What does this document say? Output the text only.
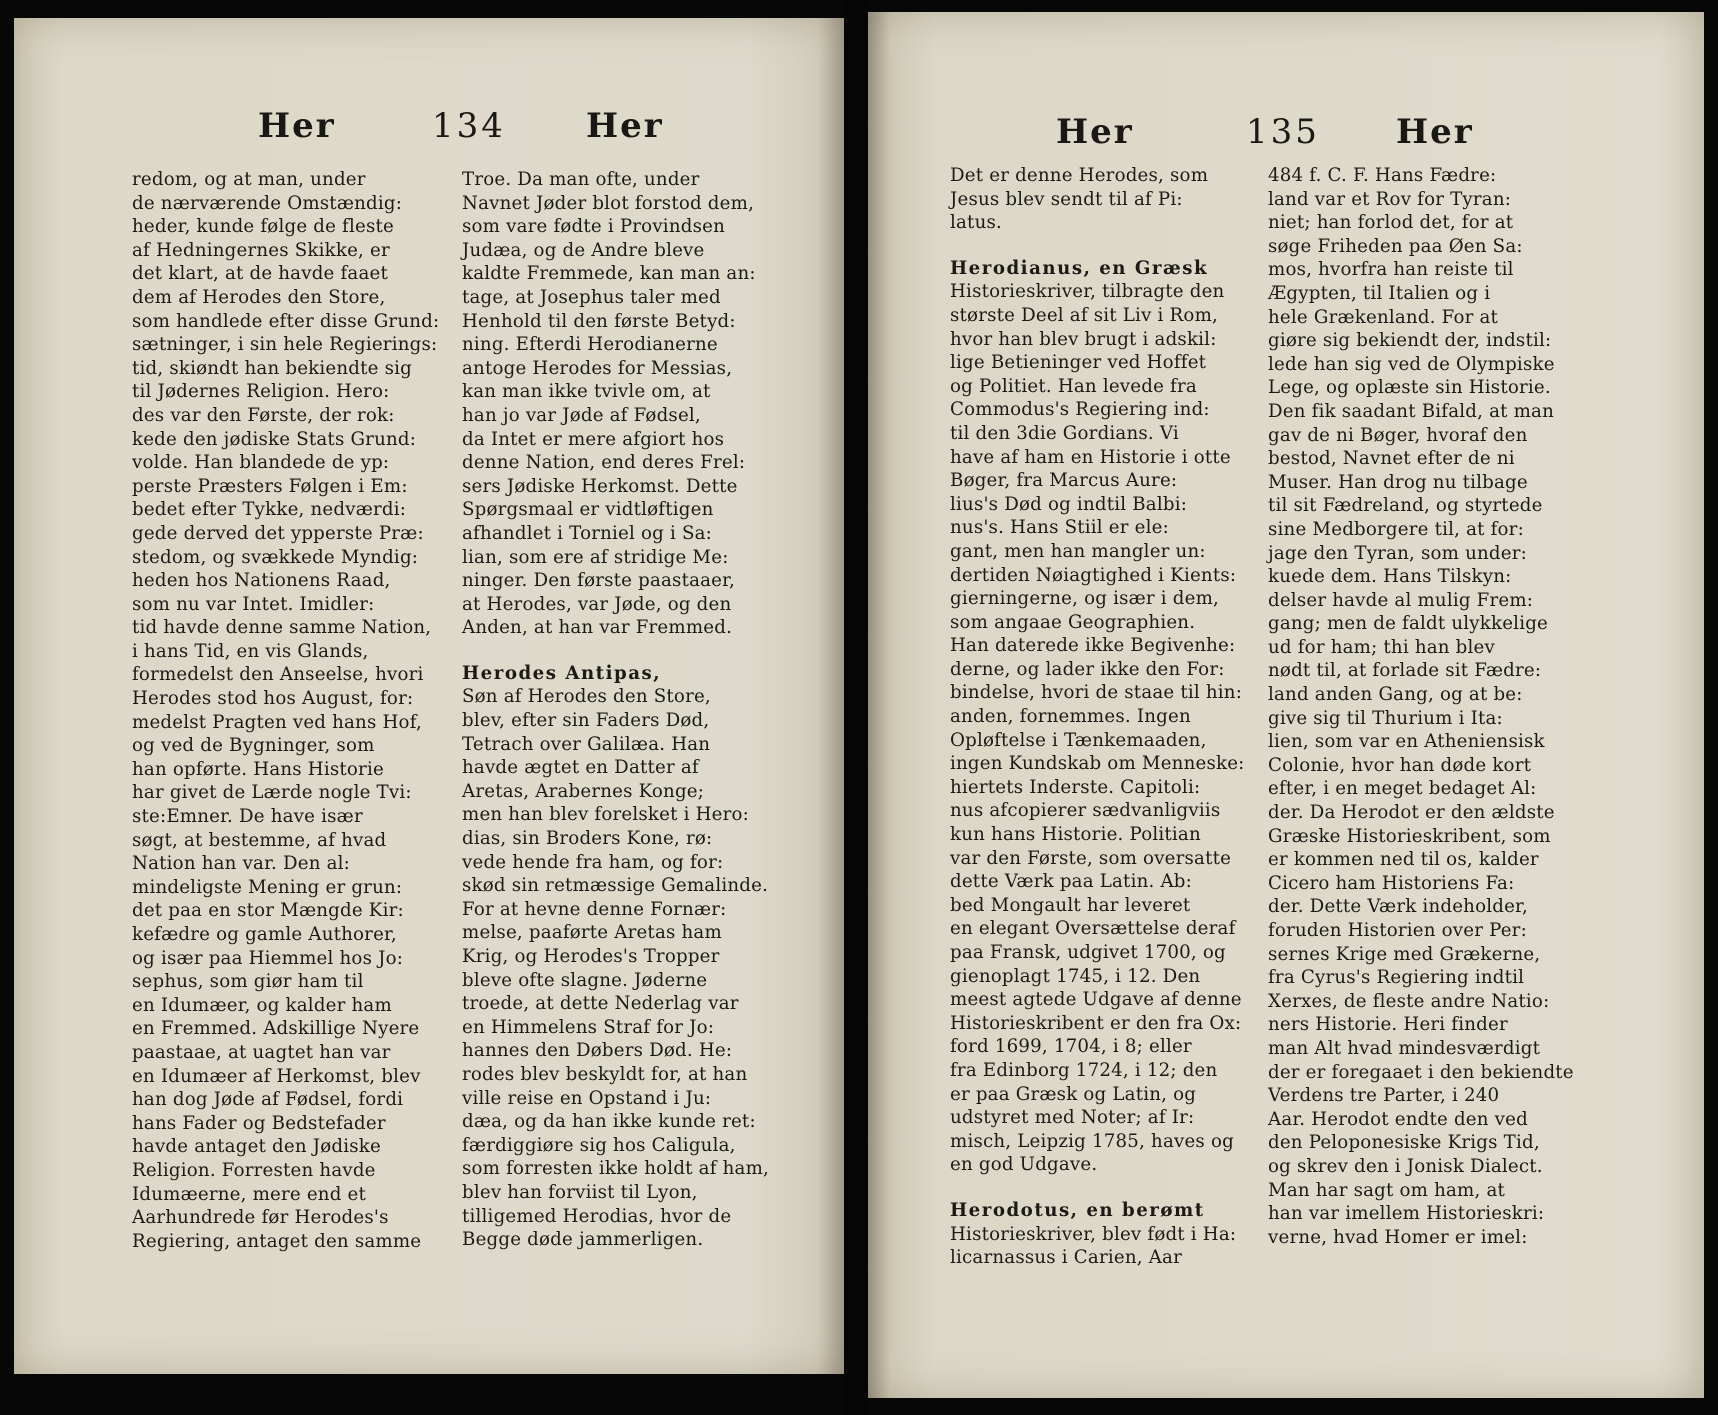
Her	134 Her

redom, og at man, under

de nærværende Omstændig:

heder, kunde følge de fleste

af Hedningernes Skikke, er

det klart, at de havde faaet

dem af Herodes den Store,

som handlede efter disse Grund:

sætninger, i sin hele Regierings:

tid, skiøndt han bekiendte sig

til Jødernes Religion. Hero:

des var den Første, der rok:

kede den jødiske Stats Grund:

volde. Han blandede de yp:

perste Præsters Følgen i Em:

bedet efter Tykke, nedværdi:

gede derved det ypperste Præ:

stedom, og svækkede Myndig:

heden hos Nationens Raad,

som nu var Intet. Imidler:

tid havde denne samme Nation,

i hans Tid, en vis Glands,

formedelst den Anseelse, hvori

Herodes stod hos August, for:

medelst Pragten ved hans Hof,

og ved de Bygninger, som

han opførte. Hans Historie

har givet de Lærde nogle Tvi:

ste:Emner. De have især

søgt, at bestemme, af hvad

Nation han var. Den al:

mindeligste Mening er grun:

det paa en stor Mængde Kir:

kefædre og gamle Authorer,

og især paa Hiemmel hos Jo:

sephus, som giør ham til

en Idumæer, og kalder ham

en Fremmed. Adskillige Nyere

paastaae, at uagtet han var

en Idumæer af Herkomst, blev

han dog Jøde af Fødsel, fordi

hans Fader og Bedstefader

havde antaget den Jødiske

Religion. Forresten havde

Idumæerne, mere end et

Aarhundrede før Herodes's

Regiering, antaget den samme

Troe. Da man ofte, under

Navnet Jøder blot forstod dem,

som vare fødte i Provindsen

Judæa, og de Andre bleve

kaldte Fremmede, kan man an:

tage, at Josephus taler med

Henhold til den første Betyd:

ning. Efterdi Herodianerne

antoge Herodes for Messias,

kan man ikke tvivle om, at

han jo var Jøde af Fødsel,

da Intet er mere afgiort hos

denne Nation, end deres Frel:

sers Jødiske Herkomst. Dette

Spørgsmaal er vidtløftigen

afhandlet i Torniel og i Sa:

lian, som ere af stridige Me:

ninger. Den første paastaaer,

at Herodes, var Jøde, og den

Anden, at han var Fremmed.

Herodes Antipas,

Søn af Herodes den Store,

blev, efter sin Faders Død,

Tetrach over Galilæa. Han

havde ægtet en Datter af

Aretas, Arabernes Konge;

men han blev forelsket i Hero:

dias, sin Broders Kone, rø:

vede hende fra ham, og for:

skød sin retmæssige Gemalinde.

For at hevne denne Fornær:

melse, paaførte Aretas ham

Krig, og Herodes's Tropper

bleve ofte slagne. Jøderne

troede, at dette Nederlag var

en Himmelens Straf for Jo:

hannes den Døbers Død. He:

rodes blev beskyldt for, at han

ville reise en Opstand i Ju:

dæa, og da han ikke kunde ret:

færdiggiøre sig hos Caligula,

som forresten ikke holdt af ham,

blev han forviist til Lyon,

tilligemed Herodias, hvor de

Begge døde jammerligen.

Her	135 Her

Det er denne Herodes, som

Jesus blev sendt til af Pi:

latus.

Herodianus, en Græsk

Historieskriver, tilbragte den

største Deel af sit Liv i Rom,

hvor han blev brugt i adskil:

lige Betieninger ved Hoffet

og Politiet. Han levede fra

Commodus's Regiering ind:

til den 3die Gordians. Vi

have af ham en Historie i otte

Bøger, fra Marcus Aure:

lius's Død og indtil Balbi:

nus's. Hans Stiil er ele:

gant, men han mangler un:

dertiden Nøiagtighed i Kients:

gierningerne, og især i dem,

som angaae Geographien.

Han daterede ikke Begivenhe:

derne, og lader ikke den For:

bindelse, hvori de staae til hin:

anden, fornemmes. Ingen

Opløftelse i Tænkemaaden,

ingen Kundskab om Menneske:

hiertets Inderste. Capitoli:

nus afcopierer sædvanligviis

kun hans Historie. Politian

var den Første, som oversatte

dette Værk paa Latin. Ab:

bed Mongault har leveret

en elegant Oversættelse deraf

paa Fransk, udgivet 1700, og

gienoplagt 1745, i 12. Den

meest agtede Udgave af denne

Historieskribent er den fra Ox:

ford 1699, 1704, i 8; eller

fra Edinborg 1724, i 12; den

er paa Græsk og Latin, og

udstyret med Noter; af Ir:

misch, Leipzig 1785, haves og

en god Udgave.

Herodotus, en berømt

Historieskriver, blev født i Ha:

licarnassus i Carien, Aar

484 f. C. F. Hans Fædre:

land var et Rov for Tyran:

niet; han forlod det, for at

søge Friheden paa Øen Sa:

mos, hvorfra han reiste til

Ægypten, til Italien og i

hele Grækenland. For at

giøre sig bekiendt der, indstil:

lede han sig ved de Olympiske

Lege, og oplæste sin Historie.

Den fik saadant Bifald, at man

gav de ni Bøger, hvoraf den

bestod, Navnet efter de ni

Muser. Han drog nu tilbage

til sit Fædreland, og styrtede

sine Medborgere til, at for:

jage den Tyran, som under:

kuede dem. Hans Tilskyn:

delser havde al mulig Frem:

gang; men de faldt ulykkelige

ud for ham; thi han blev

nødt til, at forlade sit Fædre:

land anden Gang, og at be:

give sig til Thurium i Ita:

lien, som var en Atheniensisk

Colonie, hvor han døde kort

efter, i en meget bedaget Al:

der. Da Herodot er den ældste

Græske Historieskribent, som

er kommen ned til os, kalder

Cicero ham Historiens Fa:

der. Dette Værk indeholder,

foruden Historien over Per:

sernes Krige med Grækerne,

fra Cyrus's Regiering indtil

Xerxes, de fleste andre Natio:

ners Historie. Heri finder

man Alt hvad mindesværdigt

der er foregaaet i den bekiendte

Verdens tre Parter, i 240

Aar. Herodot endte den ved

den Peloponesiske Krigs Tid,

og skrev den i Jonisk Dialect.

Man har sagt om ham, at

han var imellem Historieskri:

verne, hvad Homer er imel:
